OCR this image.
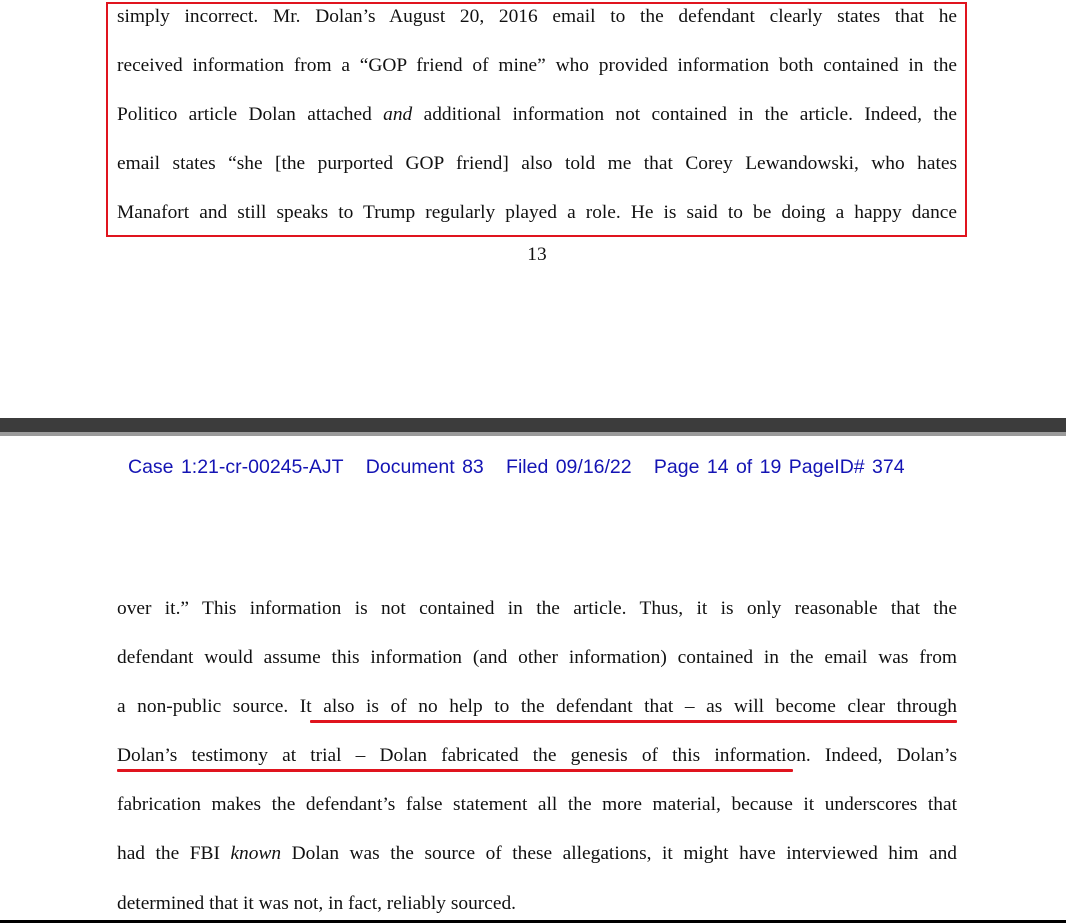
simply incorrect. Mr. Dolan’s August 20, 2016 email to the defendant clearly states that he
received information from a “GOP friend of mine” who provided information both contained in the
Politico article Dolan attached and additional information not contained in the article. Indeed, the
email states “she [the purported GOP friend] also told me that Corey Lewandowski, who hates
Manafort and still speaks to Trump regularly played a role. He is said to be doing a happy dance
13
Case 1:21-cr-00245-AJT Document 83 Filed 09/16/22 Page 14 of 19 PageID# 374
over it.” This information is not contained in the article. Thus, it is only reasonable that the
defendant would assume this information (and other information) contained in the email was from
a non-public source. It also is of no help to the defendant that – as will become clear through
Dolan’s testimony at trial – Dolan fabricated the genesis of this information. Indeed, Dolan’s
fabrication makes the defendant’s false statement all the more material, because it underscores that
had the FBI known Dolan was the source of these allegations, it might have interviewed him and
determined that it was not, in fact, reliably sourced.
